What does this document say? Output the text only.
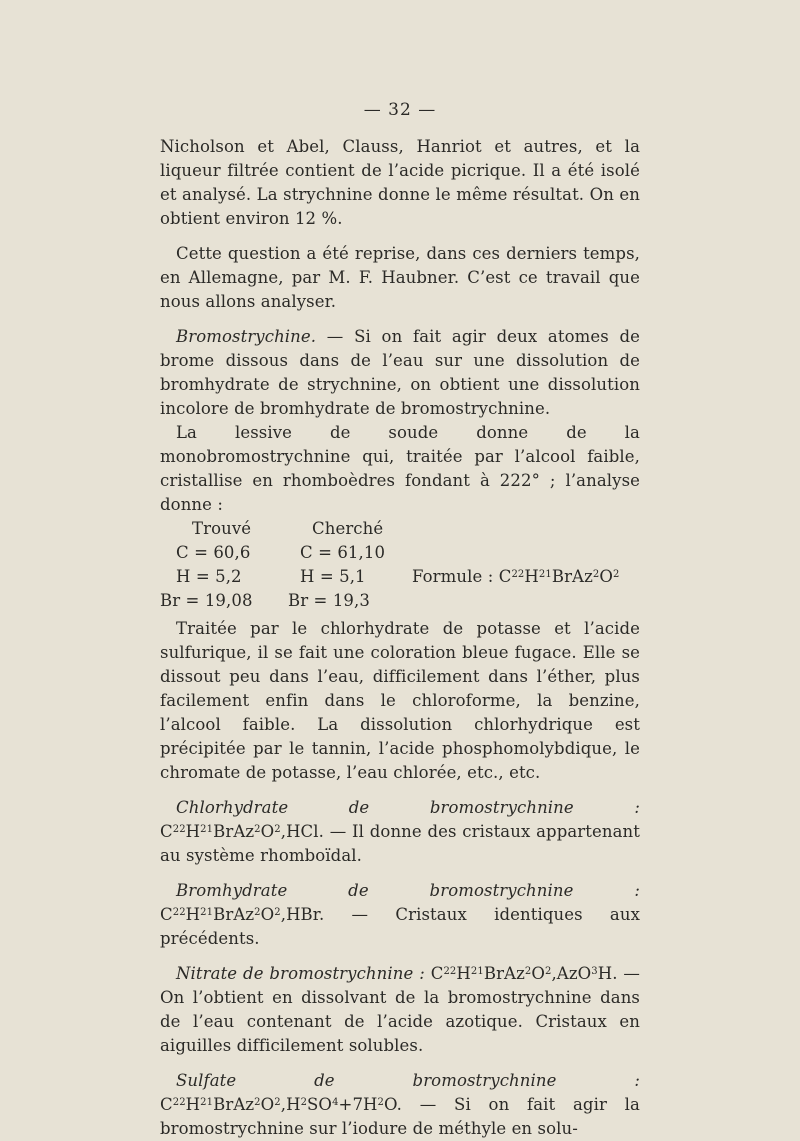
— 32 —

Nicholson et Abel, Clauss, Hanriot et autres, et la liqueur filtrée contient de l’acide picrique. Il a été isolé et analysé. La strychnine donne le même résultat. On en obtient environ 12 %.

Cette question a été reprise, dans ces derniers temps, en Allemagne, par M. F. Haubner. C’est ce travail que nous allons analyser.

Bromostrychine. — Si on fait agir deux atomes de brome dissous dans de l’eau sur une dissolution de bromhydrate de strychnine, on obtient une dissolution incolore de bromhydrate de bromostrychnine.

La lessive de soude donne de la monobromostrychnine qui, traitée par l’alcool faible, cristallise en rhomboèdres fondant à 222° ; l’analyse donne :

Trouvé	Cherché
C = 60,6
H = 5,2
Br = 19,08
C = 61,10
H = 5,1
Br = 19,3
Formule : $C^{22}H^{21}BrAz^2O^2$

Traitée par le chlorhydrate de potasse et l’acide sulfurique, il se fait une coloration bleue fugace. Elle se dissout peu dans l’eau, difficilement dans l’éther, plus facilement enfin dans le chloroforme, la benzine, l’alcool faible. La dissolution chlorhydrique est précipitée par le tannin, l’acide phosphomolybdique, le chromate de potasse, l’eau chlorée, etc., etc.

Chlorhydrate de bromostrychnine : $C^{22}H^{21}BrAz^2O^2,HCl$. — Il donne des cristaux appartenant au système rhomboïdal.

Bromhydrate de bromostrychnine : $C^{22}H^{21}BrAz^2O^2,HBr$. — Cristaux identiques aux précédents.

Nitrate de bromostrychnine : $C^{22}H^{21}BrAz^2O^2,AzO^3H$. — On l’obtient en dissolvant de la bromostrychnine dans de l’eau contenant de l’acide azotique. Cristaux en aiguilles difficilement solubles.

Sulfate de bromostrychnine : $C^{22}H^{21}BrAz^2O^2,H^2SO^4+7H^2O$. — Si on fait agir la bromostrychnine sur l’iodure de méthyle en solu-
